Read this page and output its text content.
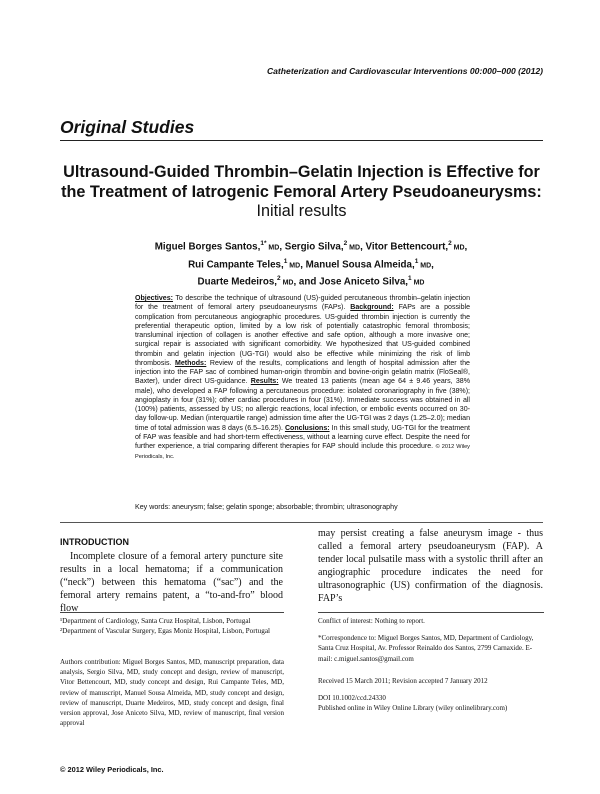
Catheterization and Cardiovascular Interventions 00:000–000 (2012)
Original Studies
Ultrasound-Guided Thrombin–Gelatin Injection is Effective for the Treatment of Iatrogenic Femoral Artery Pseudoaneurysms: Initial results
Miguel Borges Santos,$^{1*}$ MD, Sergio Silva,$^2$ MD, Vitor Bettencourt,$^2$ MD,
Rui Campante Teles,$^1$ MD, Manuel Sousa Almeida,$^1$ MD,
Duarte Medeiros,$^2$ MD, and Jose Aniceto Silva,$^1$ MD
Objectives: To describe the technique of ultrasound (US)-guided percutaneous thrombin–gelatin injection for the treatment of femoral artery pseudoaneurysms (FAPs). Background: FAPs are a possible complication from percutaneous angiographic procedures. US-guided thrombin injection is currently the preferential therapeutic option, limited by a low risk of potentially catastrophic femoral thrombosis; transluminal injection of collagen is another effective and safe option, although a more invasive one; surgical repair is associated with significant comorbidity. We hypothesized that US-guided combined thrombin and gelatin injection (UG-TGI) would also be effective while minimizing the risk of limb thrombosis. Methods: Review of the results, complications and length of hospital admission after the injection into the FAP sac of combined human-origin thrombin and bovine-origin gelatin matrix (FloSeal®, Baxter), under direct US-guidance. Results: We treated 13 patients (mean age 64 ± 9.46 years, 38% male), who developed a FAP following a percutaneous procedure: isolated coronariography in five (38%); angioplasty in four (31%); other cardiac procedures in four (31%). Immediate success was obtained in all (100%) patients, assessed by US; no allergic reactions, local infection, or embolic events occurred on 30-day follow-up. Median (interquartile range) admission time after the UG-TGI was 2 days (1.25–2.0); median time of total admission was 8 days (6.5–16.25). Conclusions: In this small study, UG-TGI for the treatment of FAP was feasible and had short-term effectiveness, without a learning curve effect. Despite the need for further experience, a trial comparing different therapies for FAP should include this procedure. © 2012 Wiley Periodicals, Inc.
Key words: aneurysm; false; gelatin sponge; absorbable; thrombin; ultrasonography
INTRODUCTION
Incomplete closure of a femoral artery puncture site results in a local hematoma; if a communication (“neck”) between this hematoma (“sac”) and the femoral artery remains patent, a “to-and-fro” blood flow
may persist creating a false aneurysm image - thus called a femoral artery pseudoaneurysm (FAP). A tender local pulsatile mass with a systolic thrill after an angiographic procedure indicates the need for ultrasonographic (US) confirmation of the diagnosis. FAP’s
¹Department of Cardiology, Santa Cruz Hospital, Lisbon, Portugal
²Department of Vascular Surgery, Egas Moniz Hospital, Lisbon, Portugal
Authors contribution: Miguel Borges Santos, MD, manuscript preparation, data analysis, Sergio Silva, MD, study concept and design, review of manuscript, Vitor Bettencourt, MD, study concept and design, Rui Campante Teles, MD, review of manuscript, Manuel Sousa Almeida, MD, study concept and design, review of manuscript, Duarte Medeiros, MD, study concept and design, final version approval, Jose Aniceto Silva, MD, review of manuscript, final version approval
Conflict of interest: Nothing to report.
*Correspondence to: Miguel Borges Santos, MD, Department of Cardiology, Santa Cruz Hospital, Av. Professor Reinaldo dos Santos, 2799 Carnaxide. E-mail: c.miguel.santos@gmail.com
Received 15 March 2011; Revision accepted 7 January 2012
DOI 10.1002/ccd.24330
Published online in Wiley Online Library (wiley onlinelibrary.com)
© 2012 Wiley Periodicals, Inc.
